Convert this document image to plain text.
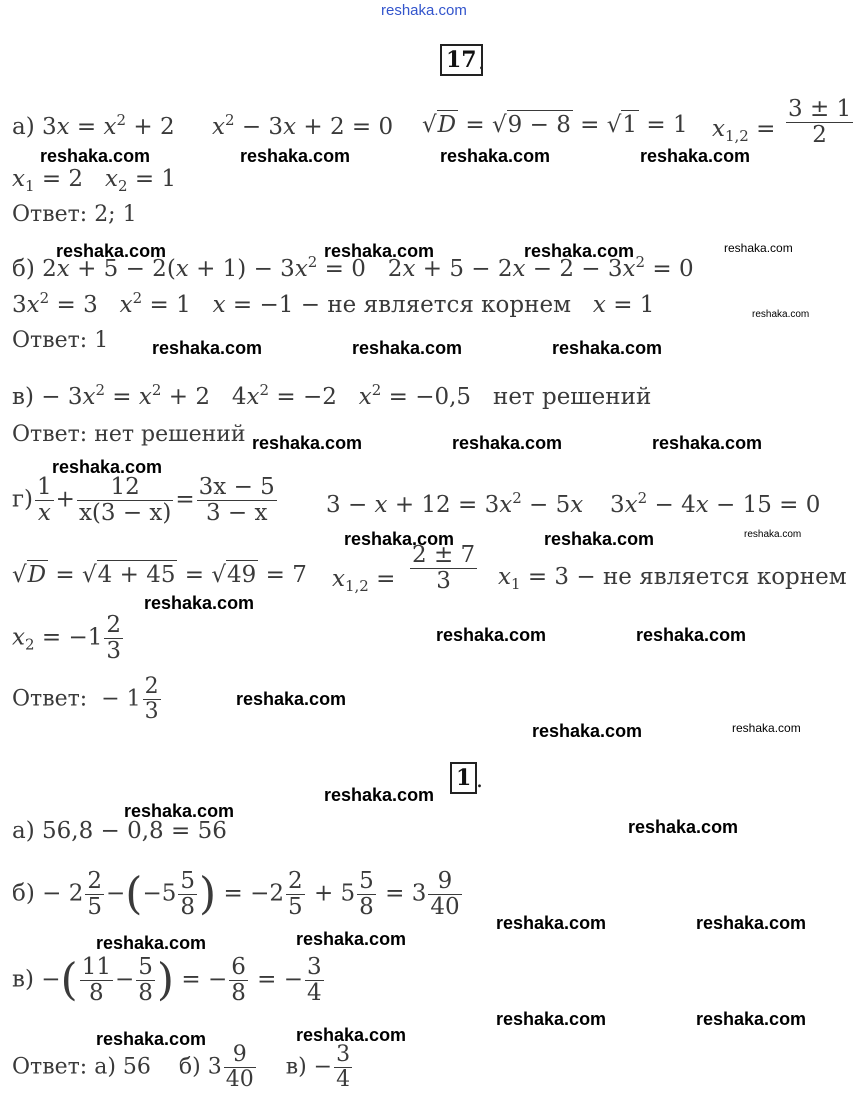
reshaka.com
17 .
а) $3x = x^2 + 2$ $x^2 - 3x + 2 = 0$ √D = √9 − 8 = √1 = 1 $x_{1,2} = \frac{3 \pm 1}{2}$
$x_1 = 2$   $x_2 = 1$
Ответ: 2; 1
б) $2x + 5 - 2(x + 1) - 3x^2 = 0$   $2x + 5 - 2x - 2 - 3x^2 = 0$
$3x^2 = 3$   $x^2 = 1$   x = −1 − не является корнем   x = 1
Ответ: 1
$в) - 3x^2 = x^2 + 2$   $4x^2 = -2$   $x^2 = -0,5$   нет решений
Ответ: нет решений
$г) \frac{1}{x} + \frac{12}{x(3 - x)} = \frac{3x - 5}{3 - x} 3 - x + 12 = 3x^2 - 5x$ $3x^2 - 4x - 15 = 0$
√D = √4 + 45 = √49 = 7 $x_{1,2} = \frac{2 \pm 7}{3} x_1 = 3$ − не является корнем
$x_2 = -1 \frac{2}{3}$
Ответ: − $1 \frac{2}{3}$
1 .
а) 56,8 − 0,8 = 56
$б) - 2 \frac{2}{5} -(-5 \frac{5}{8}$ ) = $-2 \frac{2}{5} + 5 \frac{5}{8} = 3 \frac{9}{40}$
в) −( $\frac{11}{8} - \frac{5}{8}$ ) = − $\frac{6}{8}$ = − $\frac{3}{4}$
Ответ: а) 56 б) $3 \frac{9}{40} в) - \frac{3}{4}$
reshaka.com	reshaka.com	reshaka.com	reshaka.com
reshaka.com	reshaka.com	reshaka.com	reshaka.com
reshaka.com
reshaka.com	reshaka.com	reshaka.com
reshaka.com	reshaka.com	reshaka.com
reshaka.com
reshaka.com	reshaka.com	reshaka.com
reshaka.com
reshaka.com	reshaka.com
reshaka.com
reshaka.com	reshaka.com
reshaka.com
reshaka.com
reshaka.com
reshaka.com	reshaka.com
reshaka.com
reshaka.com
reshaka.com	reshaka.com
reshaka.com
reshaka.com
